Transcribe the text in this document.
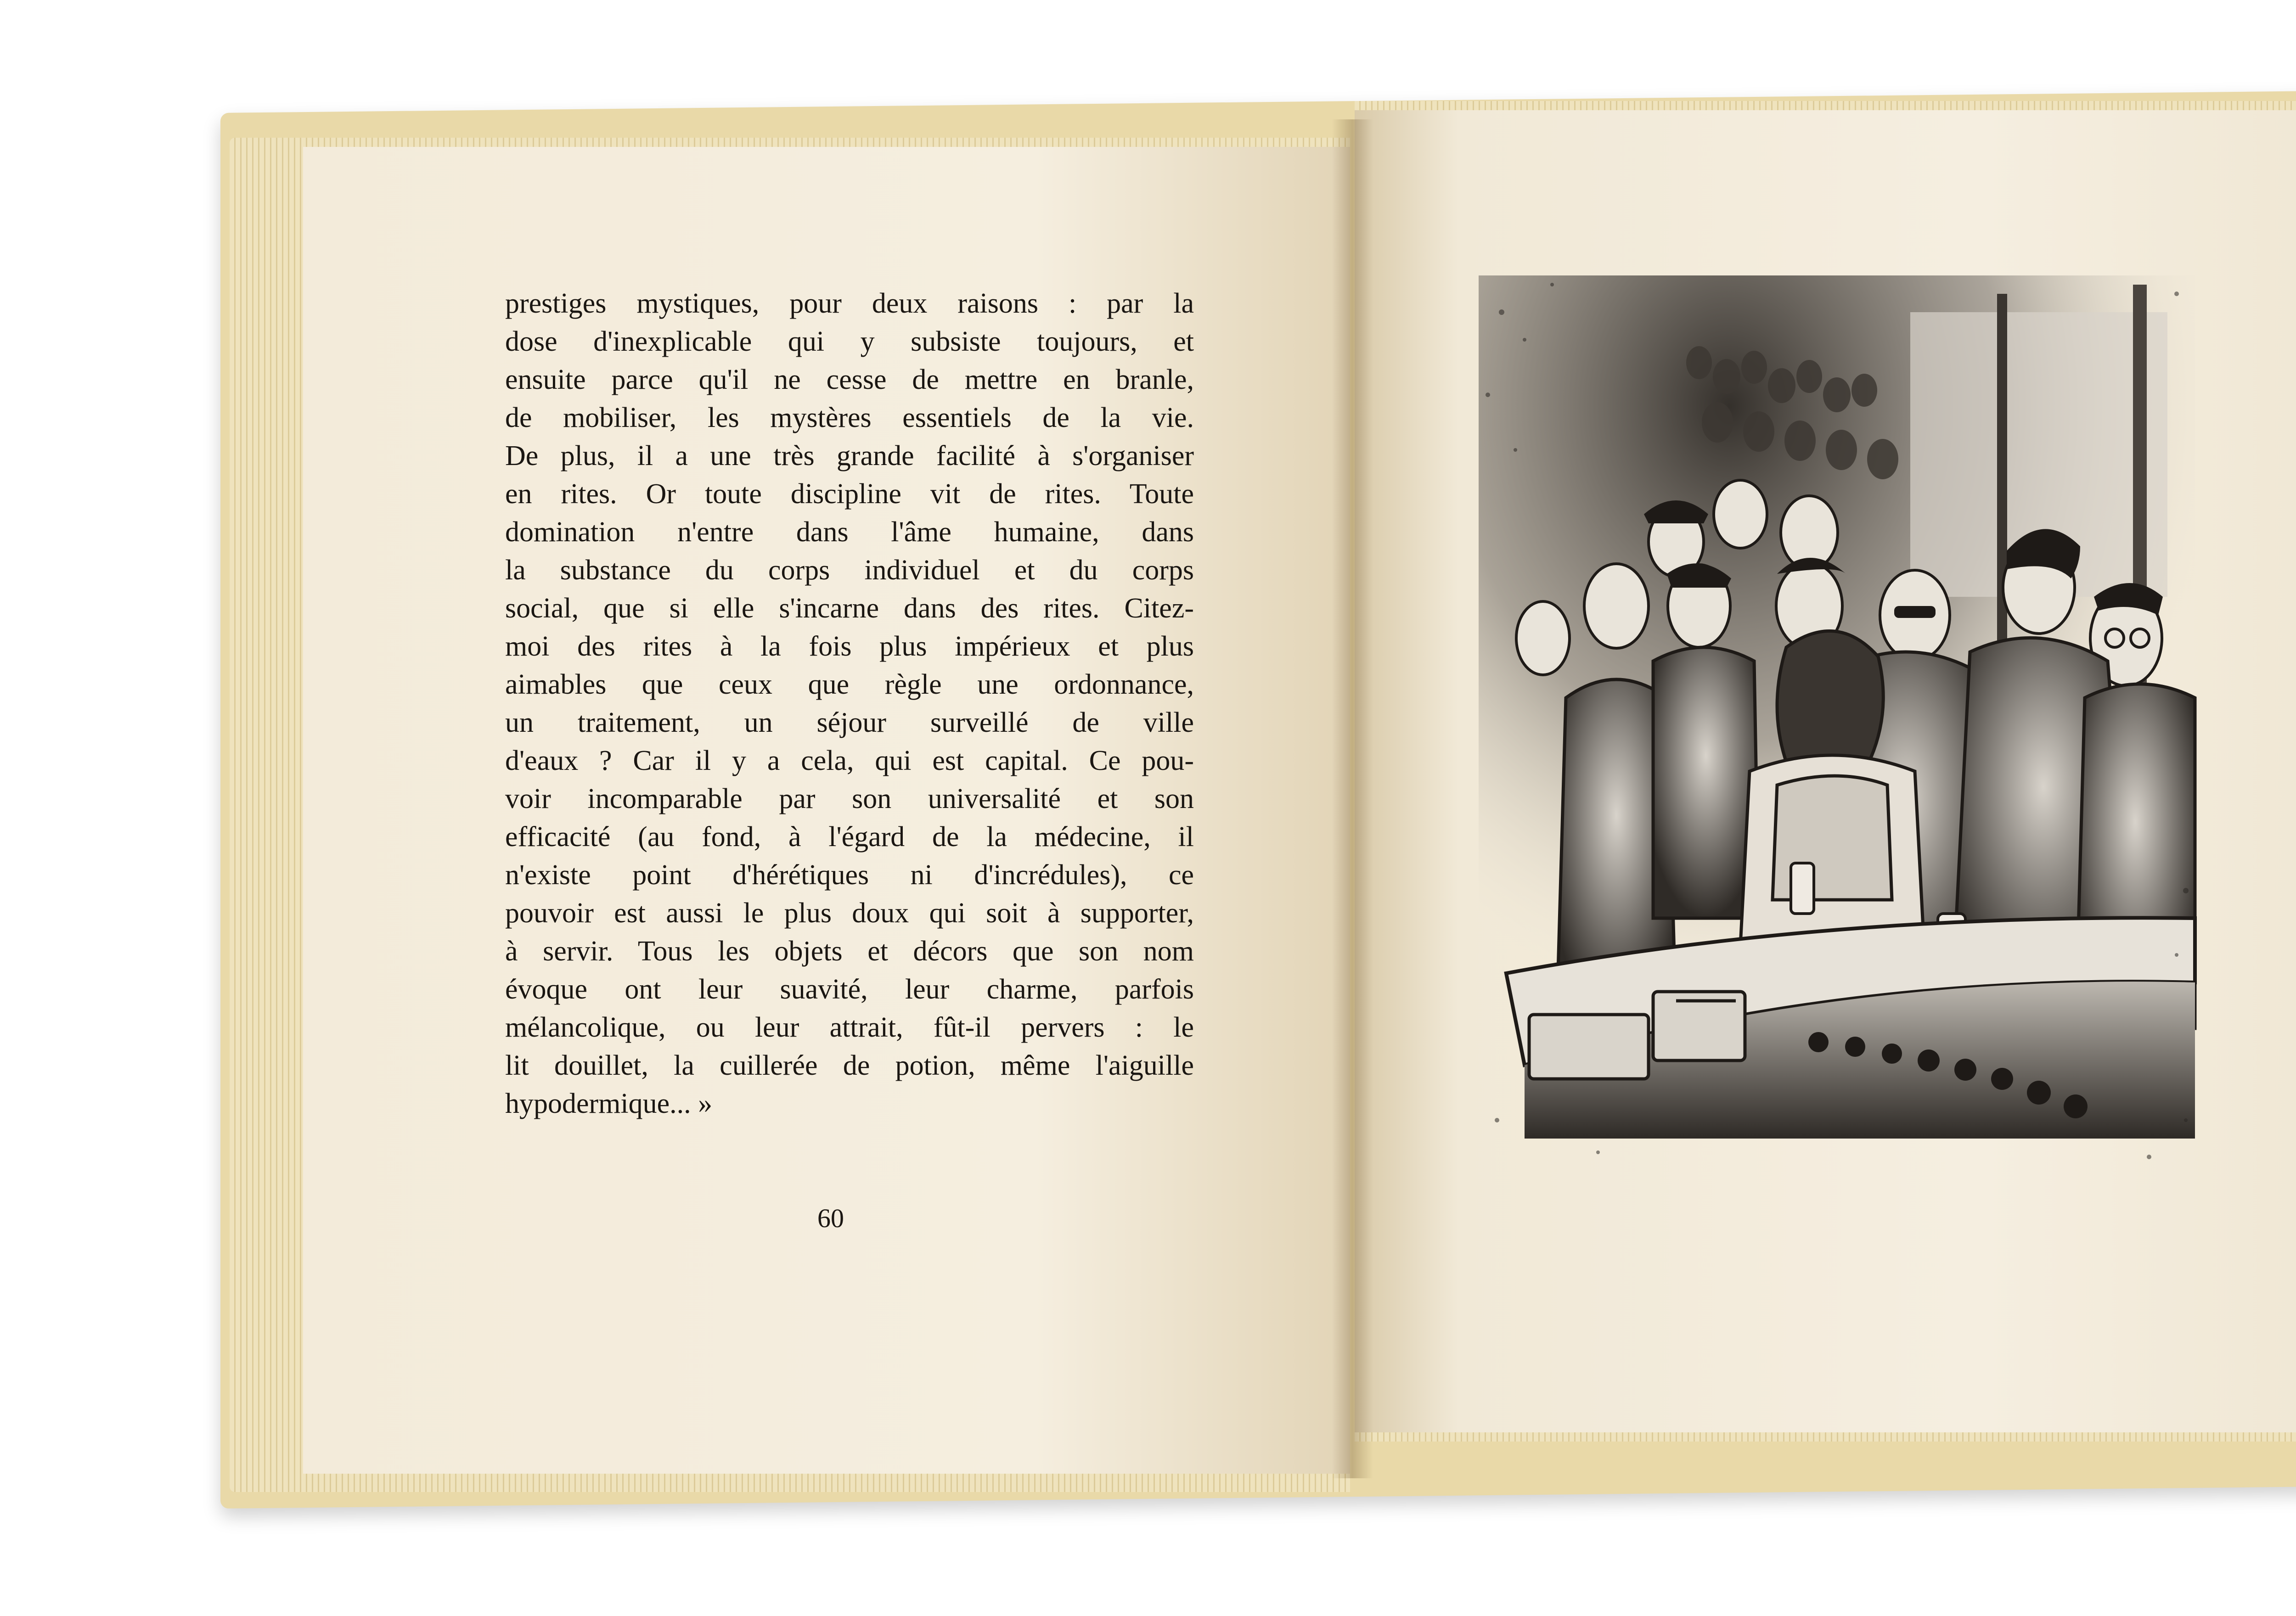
prestiges mystiques, pour deux raisons : par la
dose d'inexplicable qui y subsiste toujours, et
ensuite parce qu'il ne cesse de mettre en branle,
de mobiliser, les mystères essentiels de la vie.
De plus, il a une très grande facilité à s'organiser
en rites. Or toute discipline vit de rites. Toute
domination n'entre dans l'âme humaine, dans
la substance du corps individuel et du corps
social, que si elle s'incarne dans des rites. Citez-
moi des rites à la fois plus impérieux et plus
aimables que ceux que règle une ordonnance,
un traitement, un séjour surveillé de ville
d'eaux ? Car il y a cela, qui est capital. Ce pou-
voir incomparable par son universalité et son
efficacité (au fond, à l'égard de la médecine, il
n'existe point d'hérétiques ni d'incrédules), ce
pouvoir est aussi le plus doux qui soit à supporter,
à servir. Tous les objets et décors que son nom
évoque ont leur suavité, leur charme, parfois
mélancolique, ou leur attrait, fût-il pervers : le
lit douillet, la cuillerée de potion, même l'aiguille
hypodermique... »
60
